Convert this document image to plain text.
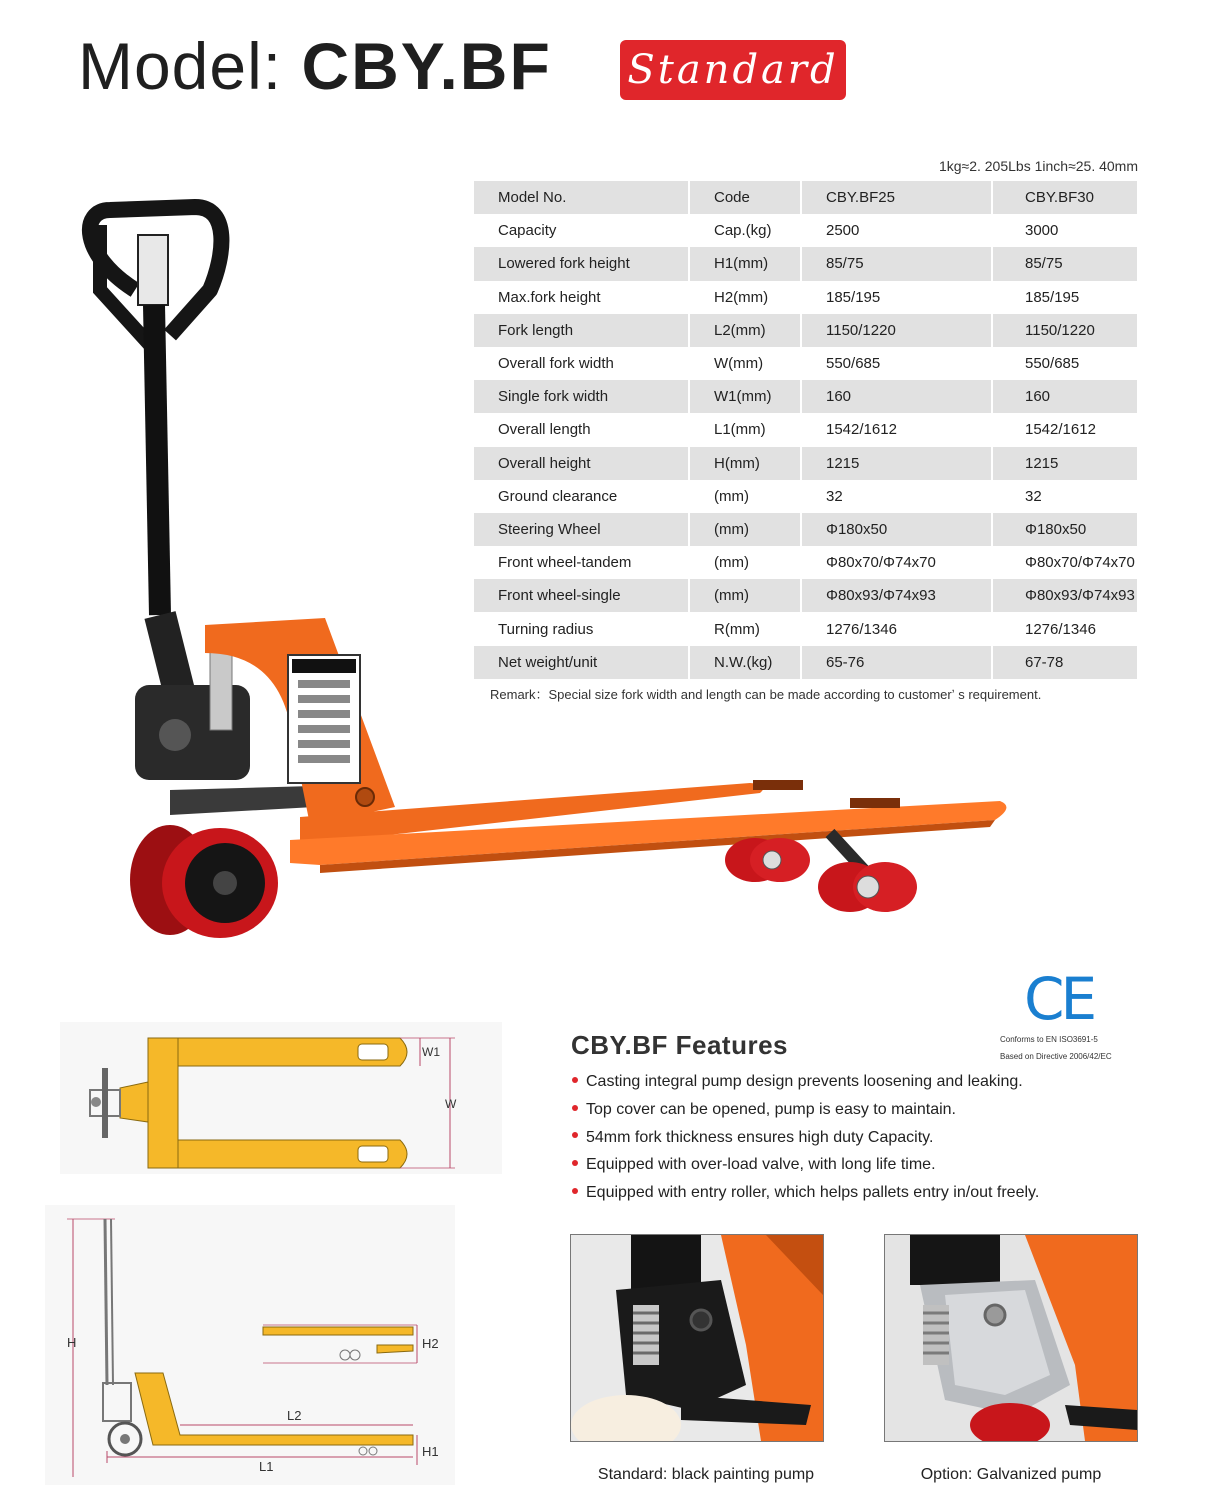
Model: CBY.BF Standard
1kg≈2. 205Lbs 1inch≈25. 40mm
Model No.	Code	CBY.BF25	CBY.BF30
Capacity	Cap.(kg)	2500	3000
Lowered fork height	H1(mm)	85/75	85/75
Max.fork height	H2(mm)	185/195	185/195
Fork length	L2(mm)	1150/1220	1150/1220
Overall fork width	W(mm)	550/685	550/685
Single fork width	W1(mm)	160	160
Overall length	L1(mm)	1542/1612	1542/1612
Overall height	H(mm)	1215	1215
Ground clearance	(mm)	32	32
Steering Wheel	(mm)	Φ180x50	Φ180x50
Front wheel-tandem	(mm)	Φ80x70/Φ74x70	Φ80x70/Φ74x70
Front wheel-single	(mm)	Φ80x93/Φ74x93	Φ80x93/Φ74x93
Turning radius	R(mm)	1276/1346	1276/1346
Net weight/unit	N.W.(kg)	65-76	67-78
Remark：Special size fork width and length can be made according to customerʼ s requirement.
CE
Conforms to EN ISO3691-5
Based on Directive 2006/42/EC
CBY.BF Features
Casting integral pump design prevents loosening and leaking.
Top cover can be opened, pump is easy to maintain.
54mm fork thickness ensures high duty Capacity.
Equipped with over-load valve, with long life time.
Equipped with entry roller, which helps pallets entry in/out freely.
W1
W
H	H2
L2
H1
L1	Standard: black painting pump	Option: Galvanized pump
